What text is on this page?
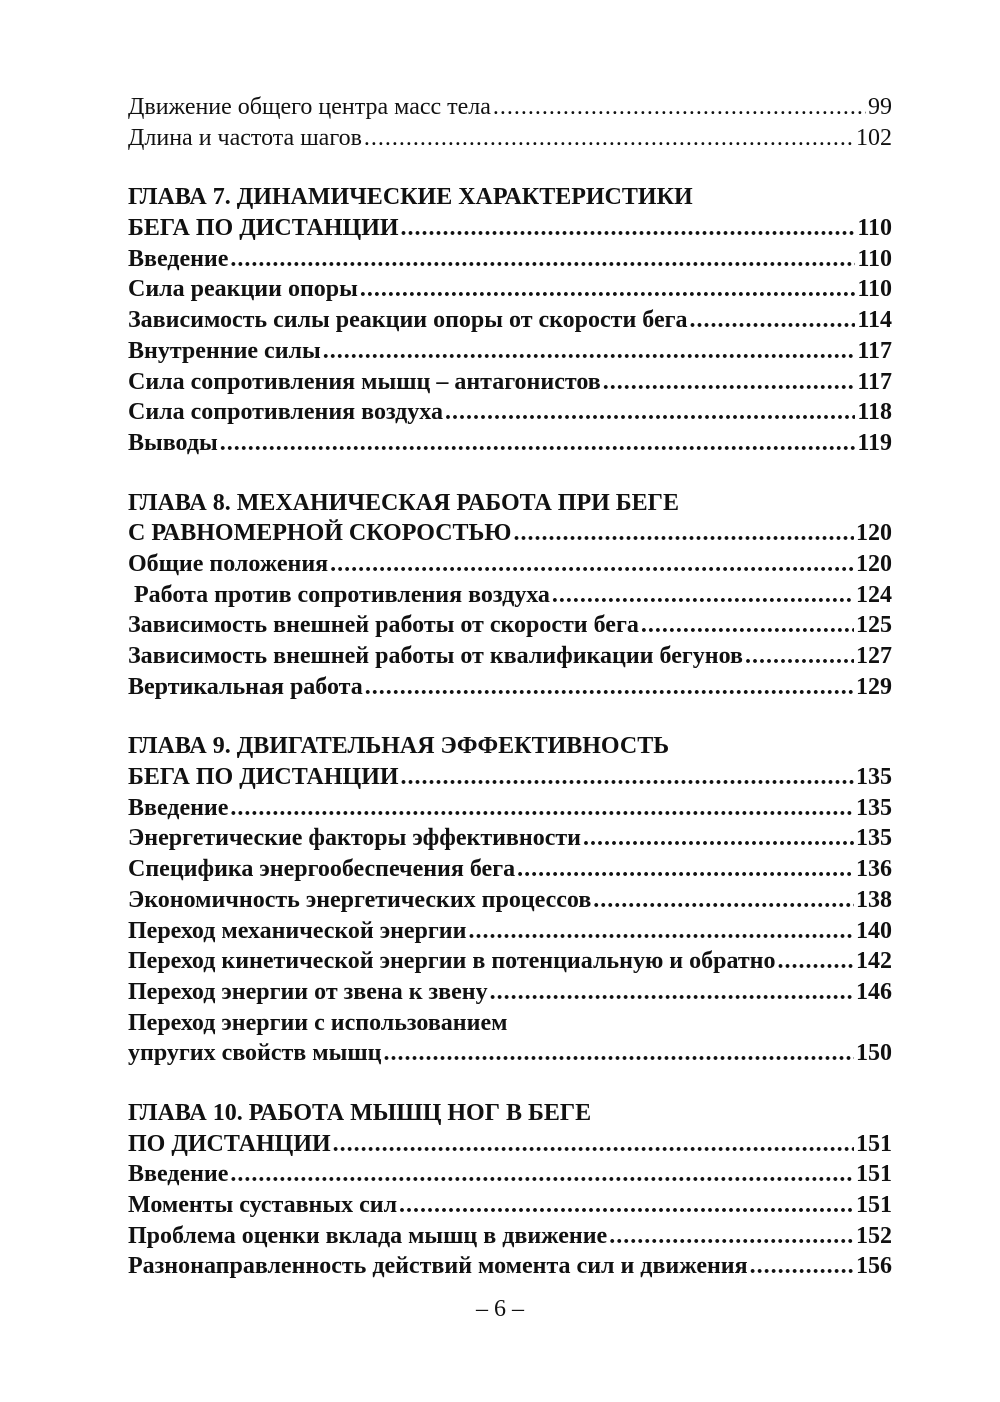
Движение общего центра масс тела .....	99
Длина и частота шагов .....	102
ГЛАВА 7. ДИНАМИЧЕСКИЕ ХАРАКТЕРИСТИКИ
БЕГА ПО ДИСТАНЦИИ .....	110
Введение .....	110
Сила реакции опоры .....	110
Зависимость силы реакции опоры от скорости бега .....	114
Внутренние силы .....	117
Сила сопротивления мышц – антагонистов .....	117
Сила сопротивления воздуха .....	118
Выводы .....	119
ГЛАВА 8. МЕХАНИЧЕСКАЯ РАБОТА ПРИ БЕГЕ
С РАВНОМЕРНОЙ СКОРОСТЬЮ .....	120
Общие положения .....	120
Работа против сопротивления воздуха .....	124
Зависимость внешней работы от скорости бега .....	125
Зависимость внешней работы от квалификации бегунов .....	127
Вертикальная работа .....	129
ГЛАВА 9. ДВИГАТЕЛЬНАЯ ЭФФЕКТИВНОСТЬ
БЕГА ПО ДИСТАНЦИИ .....	135
Введение .....	135
Энергетические факторы эффективности .....	135
Специфика энергообеспечения бега .....	136
Экономичность энергетических процессов .....	138
Переход механической энергии .....	140
Переход кинетической энергии в потенциальную и обратно .....	142
Переход энергии от звена к звену .....	146
Переход энергии с использованием
упругих свойств мышц .....	150
ГЛАВА 10. РАБОТА МЫШЦ НОГ В БЕГЕ
ПО ДИСТАНЦИИ .....	151
Введение .....	151
Моменты суставных сил .....	151
Проблема оценки вклада мышц в движение .....	152
Разнонаправленность действий момента сил и движения .....	156
– 6 –
